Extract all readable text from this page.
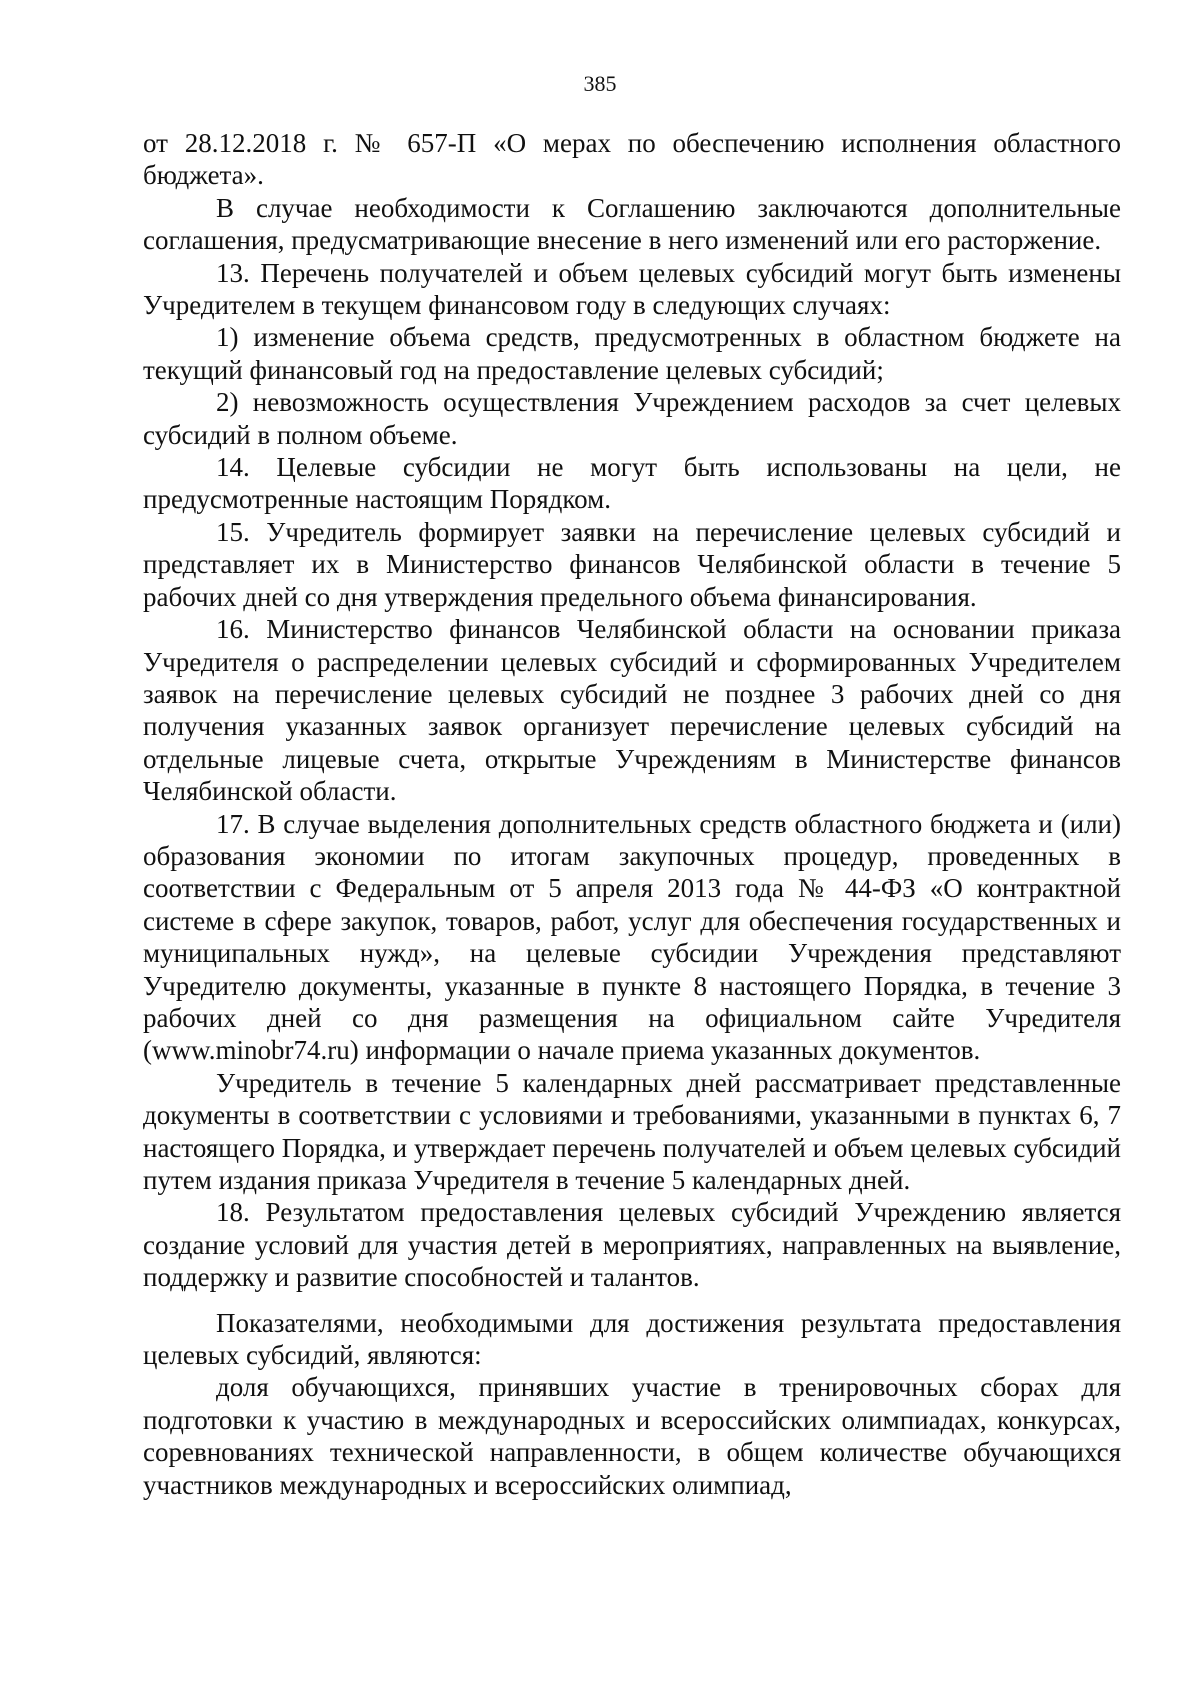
385

от 28.12.2018 г. № 657-П «О мерах по обеспечению исполнения областного бюджета».

В случае необходимости к Соглашению заключаются дополнительные соглашения, предусматривающие внесение в него изменений или его расторжение.

13. Перечень получателей и объем целевых субсидий могут быть изменены Учредителем в текущем финансовом году в следующих случаях:

1) изменение объема средств, предусмотренных в областном бюджете на текущий финансовый год на предоставление целевых субсидий;

2) невозможность осуществления Учреждением расходов за счет целевых субсидий в полном объеме.

14. Целевые субсидии не могут быть использованы на цели, не предусмотренные настоящим Порядком.

15. Учредитель формирует заявки на перечисление целевых субсидий и представляет их в Министерство финансов Челябинской области в течение 5 рабочих дней со дня утверждения предельного объема финансирования.

16. Министерство финансов Челябинской области на основании приказа Учредителя о распределении целевых субсидий и сформированных Учредителем заявок на перечисление целевых субсидий не позднее 3 рабочих дней со дня получения указанных заявок организует перечисление целевых субсидий на отдельные лицевые счета, открытые Учреждениям в Министерстве финансов Челябинской области.

17. В случае выделения дополнительных средств областного бюджета и (или) образования экономии по итогам закупочных процедур, проведенных в соответствии с Федеральным от 5 апреля 2013 года № 44-ФЗ «О контрактной системе в сфере закупок, товаров, работ, услуг для обеспечения государственных и муниципальных нужд», на целевые субсидии Учреждения представляют Учредителю документы, указанные в пункте 8 настоящего Порядка, в течение 3 рабочих дней со дня размещения на официальном сайте Учредителя (www.minobr74.ru) информации о начале приема указанных документов.

Учредитель в течение 5 календарных дней рассматривает представленные документы в соответствии с условиями и требованиями, указанными в пунктах 6, 7 настоящего Порядка, и утверждает перечень получателей и объем целевых субсидий путем издания приказа Учредителя в течение 5 календарных дней.

18. Результатом предоставления целевых субсидий Учреждению является создание условий для участия детей в мероприятиях, направленных на выявление, поддержку и развитие способностей и талантов.

Показателями, необходимыми для достижения результата предоставления целевых субсидий, являются:

доля обучающихся, принявших участие в тренировочных сборах для подготовки к участию в международных и всероссийских олимпиадах, конкурсах, соревнованиях технической направленности, в общем количестве обучающихся участников международных и всероссийских олимпиад,
